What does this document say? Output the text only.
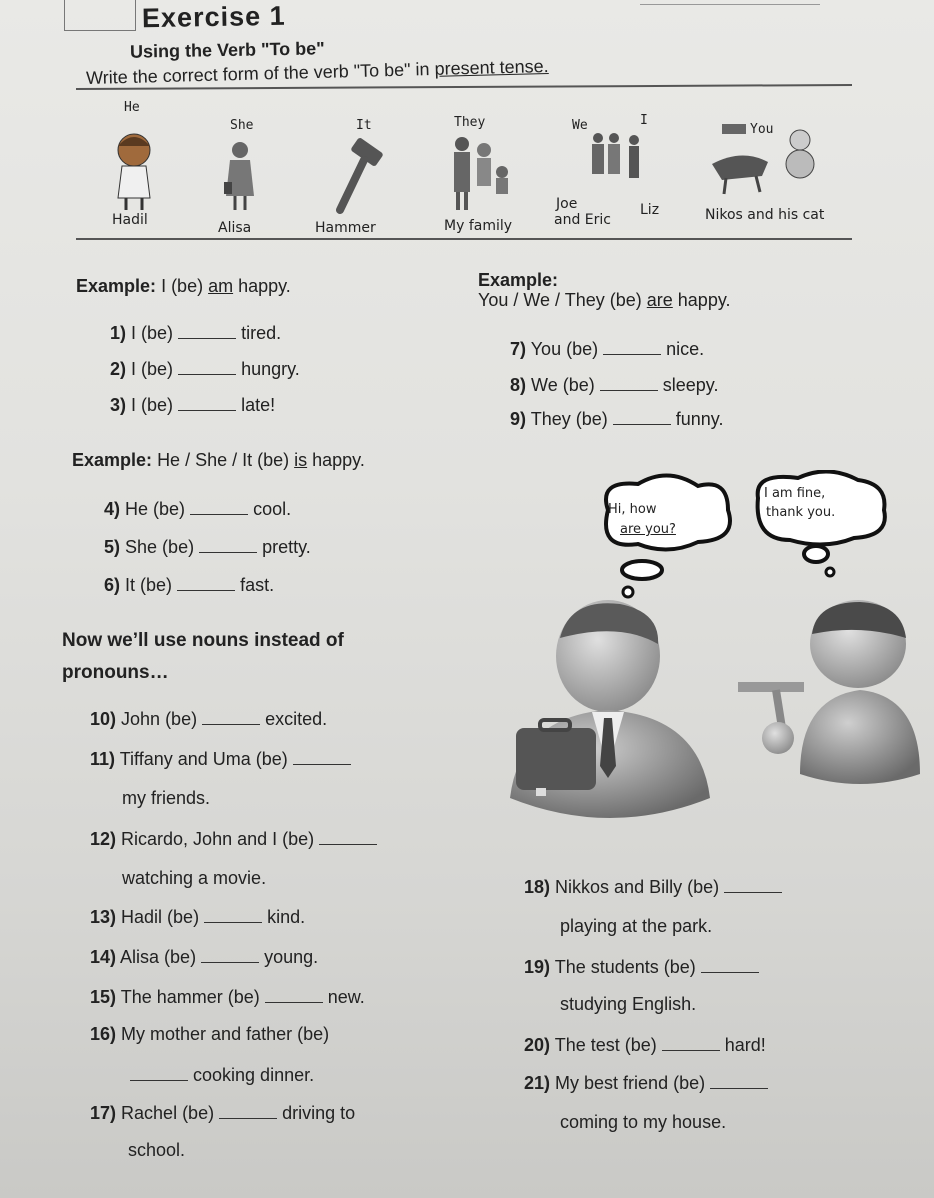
Exercise 1
Using the Verb "To be"
Write the correct form of the verb "To be" in present tense.
He
She	It	They	We	I
You
Hadil	Alisa	Hammer	My family
Joe
and Eric
Liz	Nikos and his cat
Example: I (be) am happy.	Example:
You / We / They (be) are happy.
1) I (be)	tired.
2) I (be)	hungry.
3) I (be)	late!
7) You (be)	nice.
8) We (be)	sleepy.
9) They (be)	funny.
Example: He / She / It (be) is happy.
4) He (be)	cool.
5) She (be)	pretty.
6) It (be)	fast.
Hi, how
are you?
I am fine,
thank you.
Now we’ll use nouns instead of
pronouns…
10) John (be)	excited.
11) Tiffany and Uma (be)
my friends.
12) Ricardo, John and I (be)
watching a movie.
13) Hadil (be)	kind.
14) Alisa (be)	young.
15) The hammer (be)	new.
16) My mother and father (be)
cooking dinner.
17) Rachel (be)	driving to
school.
18) Nikkos and Billy (be)
playing at the park.
19) The students (be)
studying English.
20) The test (be)	hard!
21) My best friend (be)
coming to my house.
